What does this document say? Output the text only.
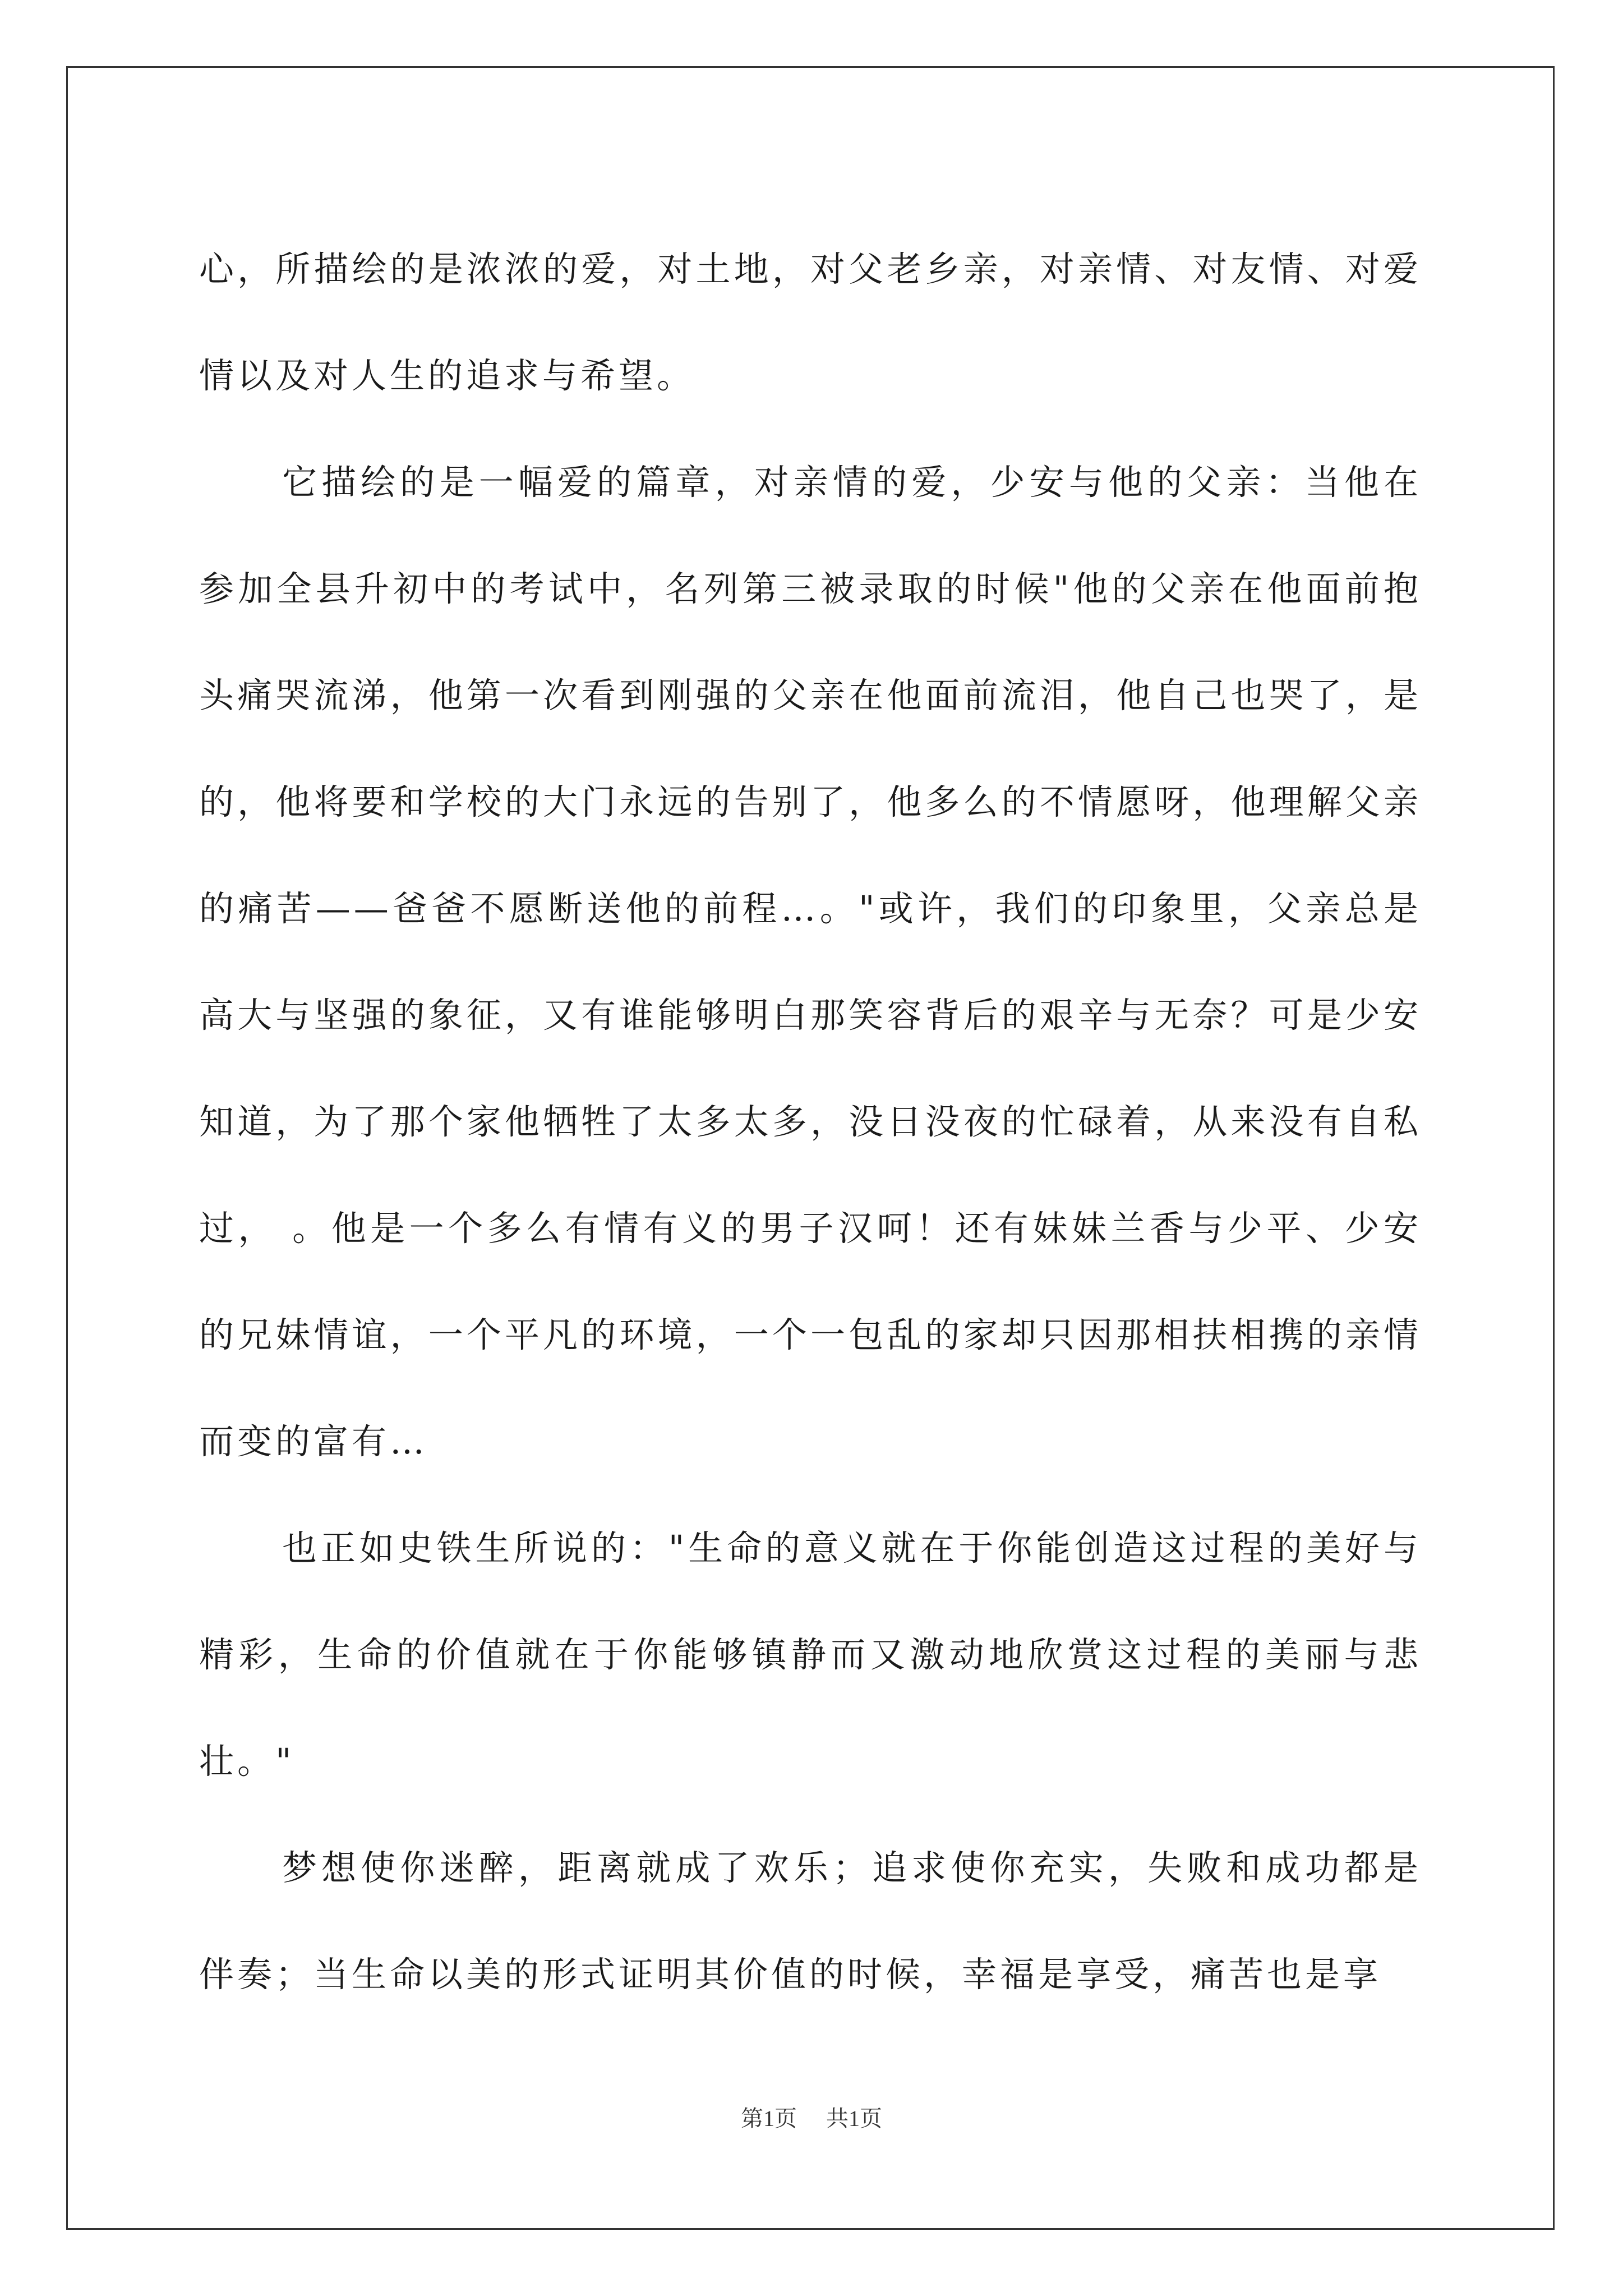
心，所描绘的是浓浓的爱，对土地，对父老乡亲，对亲情、对友情、对爱情以及对人生的追求与希望。

它描绘的是一幅爱的篇章，对亲情的爱，少安与他的父亲：当他在参加全县升初中的考试中，名列第三被录取的时候"他的父亲在他面前抱头痛哭流涕，他第一次看到刚强的父亲在他面前流泪，他自己也哭了，是的，他将要和学校的大门永远的告别了，他多么的不情愿呀，他理解父亲的痛苦——爸爸不愿断送他的前程…。"或许，我们的印象里，父亲总是高大与坚强的象征，又有谁能够明白那笑容背后的艰辛与无奈？可是少安知道，为了那个家他牺牲了太多太多，没日没夜的忙碌着，从来没有自私过， 。他是一个多么有情有义的男子汉呵！还有妹妹兰香与少平、少安的兄妹情谊，一个平凡的环境，一个一包乱的家却只因那相扶相携的亲情而变的富有…

也正如史铁生所说的："生命的意义就在于你能创造这过程的美好与精彩，生命的价值就在于你能够镇静而又激动地欣赏这过程的美丽与悲壮。"

梦想使你迷醉，距离就成了欢乐；追求使你充实，失败和成功都是伴奏；当生命以美的形式证明其价值的时候，幸福是享受，痛苦也是享

第1页 共1页
